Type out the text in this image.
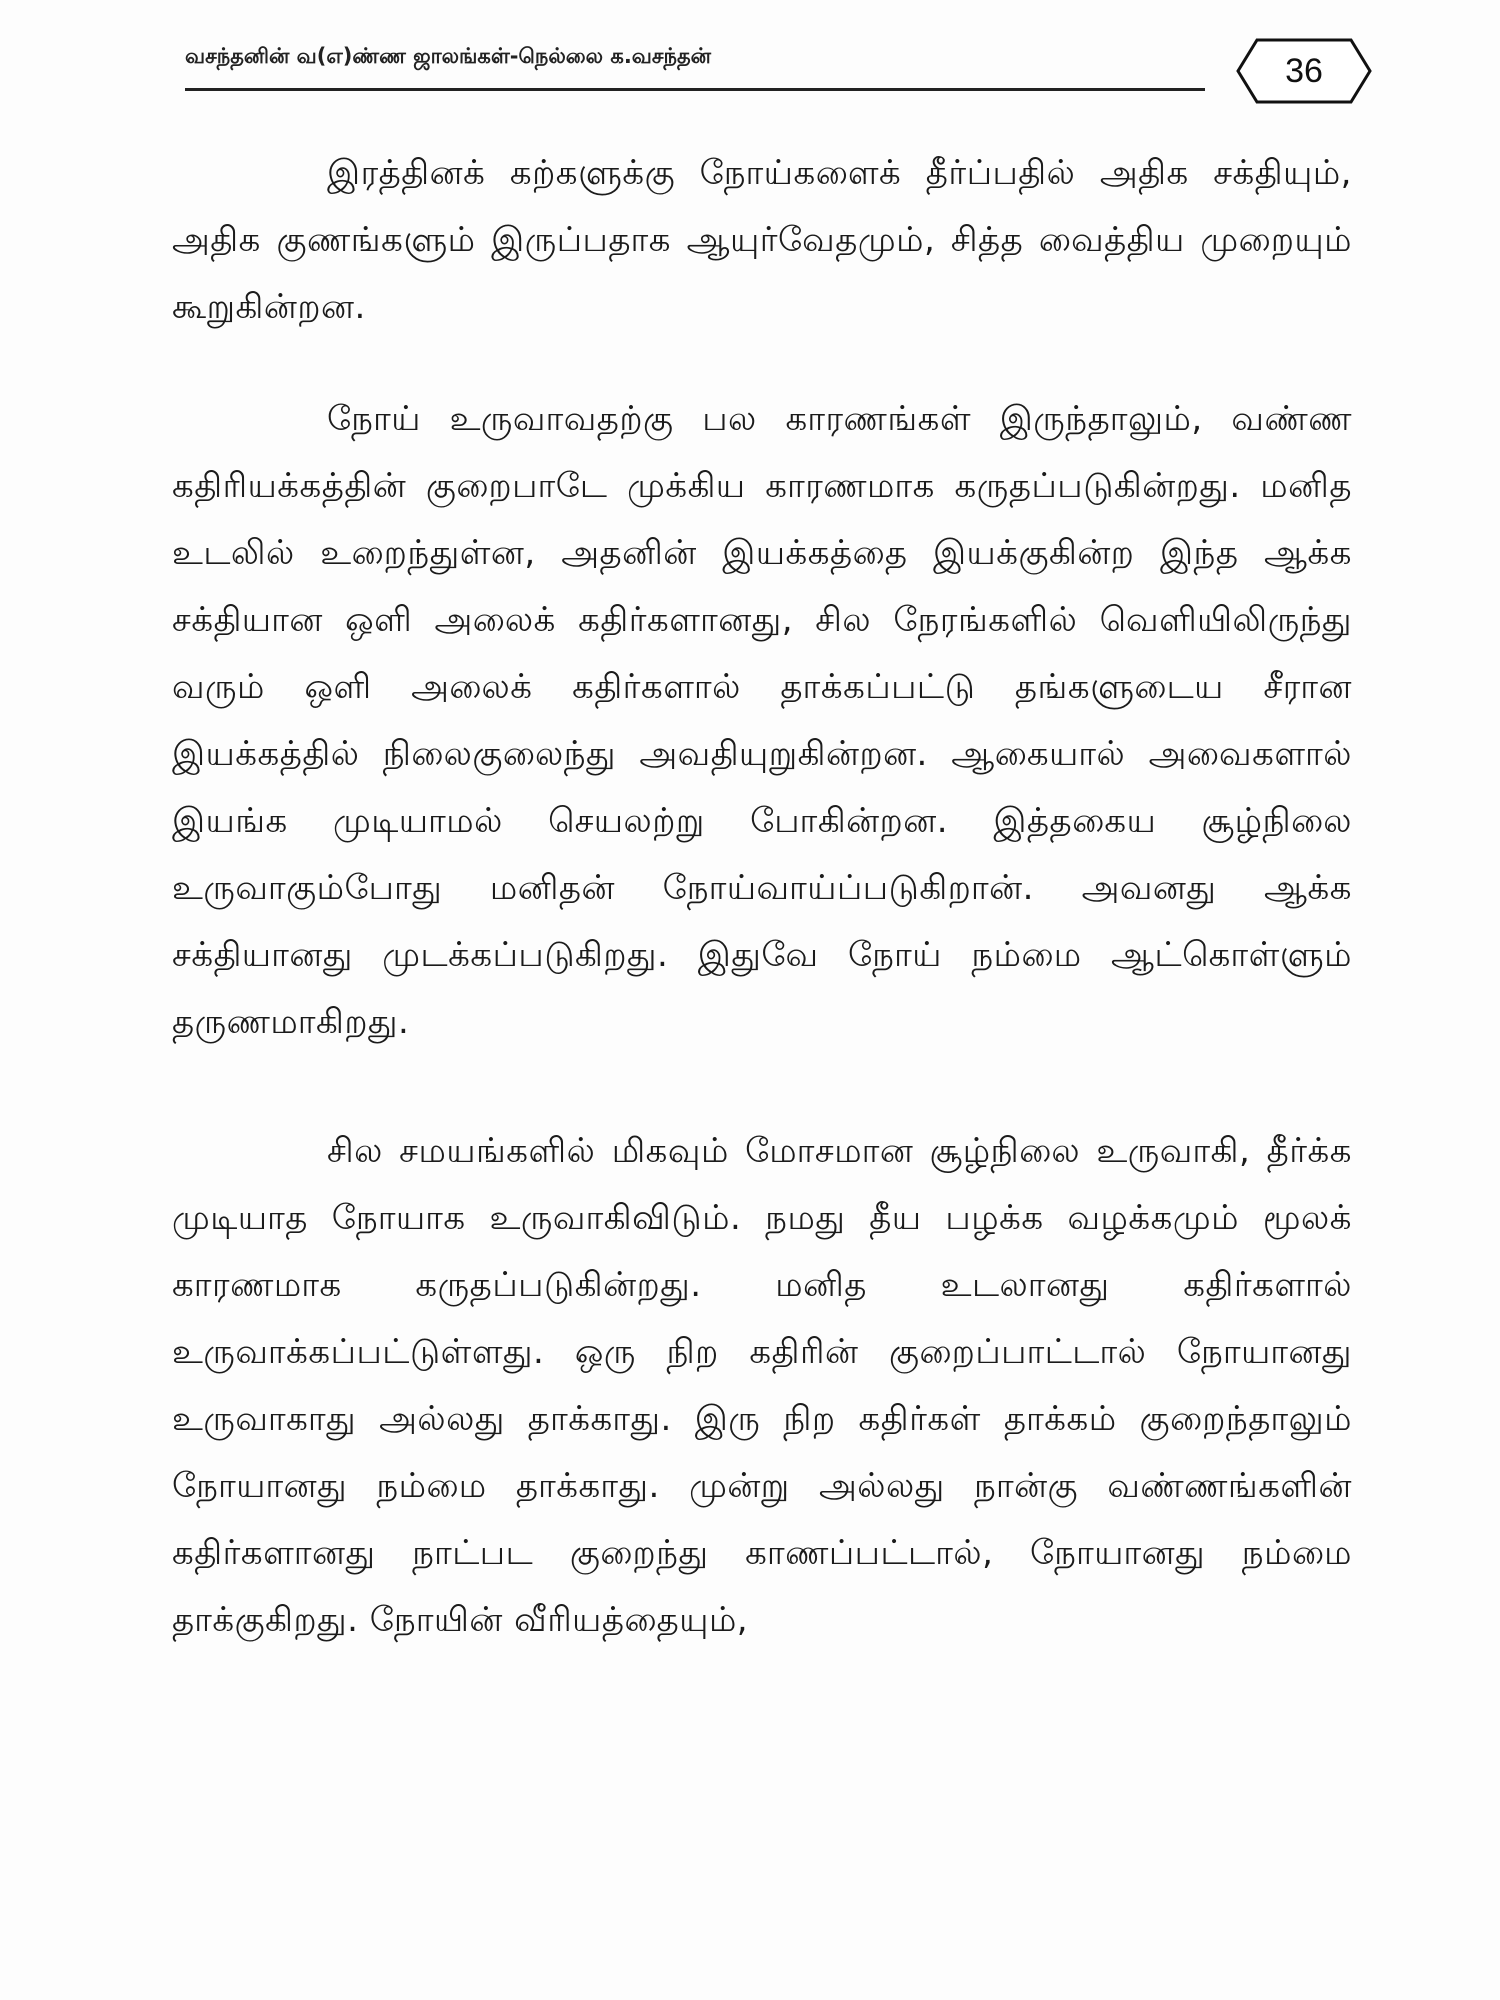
வசந்தனின் வ(எ)ண்ண ஜாலங்கள்-நெல்லை க.வசந்தன்	36

இரத்தினக் கற்களுக்கு நோய்களைக் தீர்ப்பதில் அதிக சக்தியும், அதிக குணங்களும் இருப்பதாக ஆயுர்வேதமும், சித்த வைத்திய முறையும் கூறுகின்றன.

நோய் உருவாவதற்கு பல காரணங்கள் இருந்தாலும், வண்ண கதிரியக்கத்தின் குறைபாடே முக்கிய காரணமாக கருதப்படுகின்றது. மனித உடலில் உறைந்துள்ன, அதனின் இயக்கத்தை இயக்குகின்ற இந்த ஆக்க சக்தியான ஒளி அலைக் கதிர்களானது, சில நேரங்களில் வெளியிலிருந்து வரும் ஒளி அலைக் கதிர்களால் தாக்கப்பட்டு தங்களுடைய சீரான இயக்கத்தில் நிலைகுலைந்து அவதியுறுகின்றன. ஆகையால் அவைகளால் இயங்க முடியாமல் செயலற்று போகின்றன. இத்தகைய சூழ்நிலை உருவாகும்போது மனிதன் நோய்வாய்ப்படுகிறான். அவனது ஆக்க சக்தியானது முடக்கப்படுகிறது. இதுவே நோய் நம்மை ஆட்கொள்ளும் தருணமாகிறது.

சில சமயங்களில் மிகவும் மோசமான சூழ்நிலை உருவாகி, தீர்க்க முடியாத நோயாக உருவாகிவிடும். நமது தீய பழக்க வழக்கமும் மூலக் காரணமாக கருதப்படுகின்றது. மனித உடலானது கதிர்களால் உருவாக்கப்பட்டுள்ளது. ஒரு நிற கதிரின் குறைப்பாட்டால் நோயானது உருவாகாது அல்லது தாக்காது. இரு நிற கதிர்கள் தாக்கம் குறைந்தாலும் நோயானது நம்மை தாக்காது. முன்று அல்லது நான்கு வண்ணங்களின் கதிர்களானது நாட்பட குறைந்து காணப்பட்டால், நோயானது நம்மை தாக்குகிறது. நோயின் வீரியத்தையும்,
